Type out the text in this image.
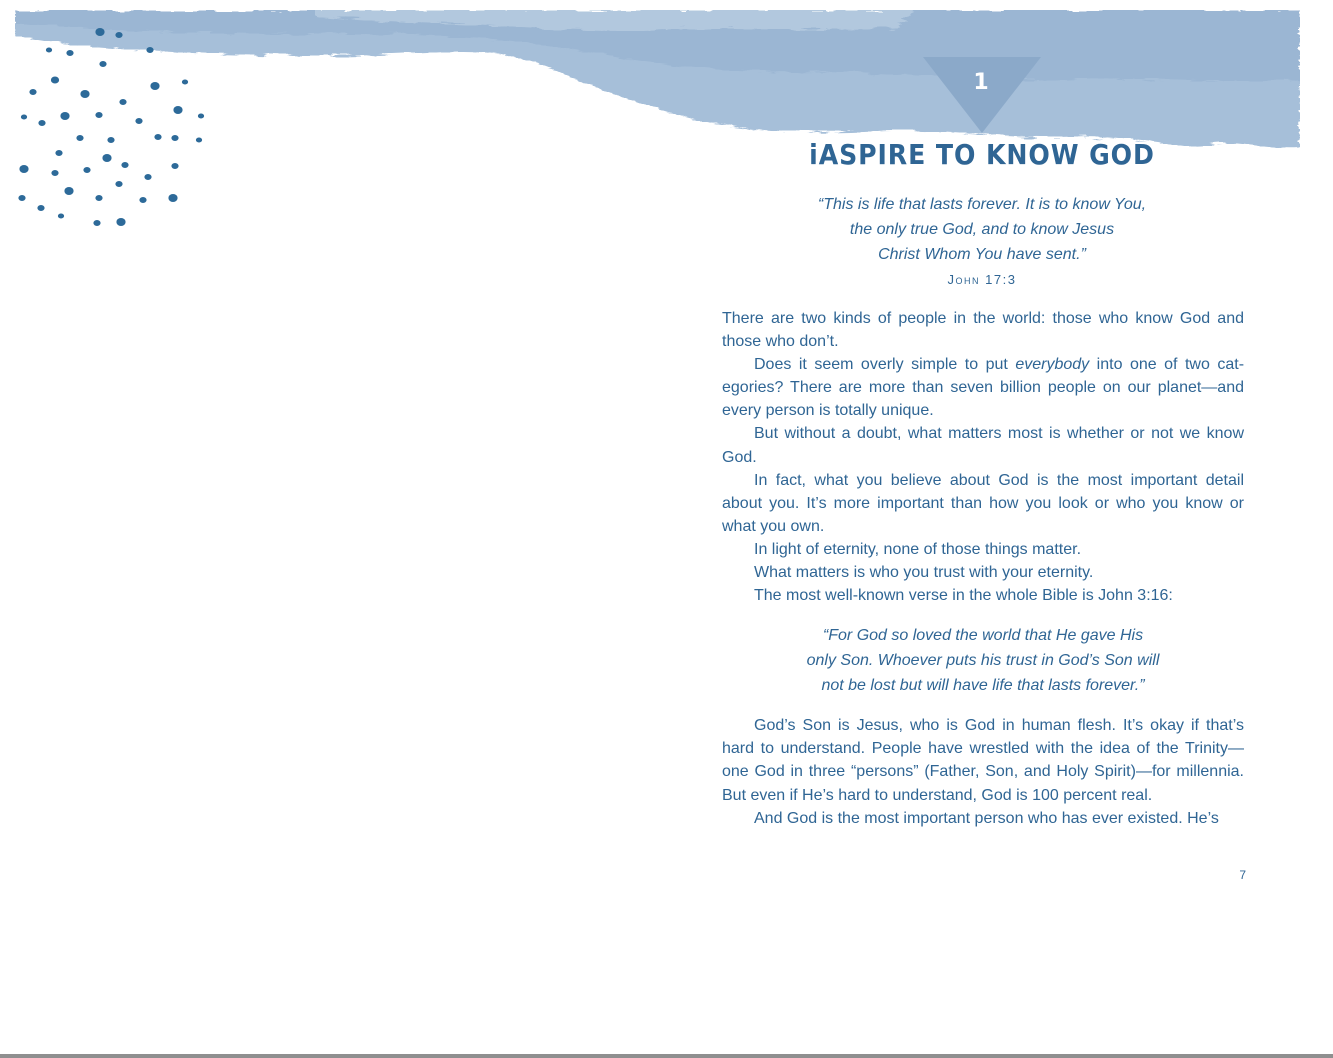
1
iASPIRE TO KNOW GOD
“This is life that lasts forever. It is to know You,
the only true God, and to know Jesus
Christ Whom You have sent.”
John 17:3

There are two kinds of people in the world: those who know God and those who don’t.

Does it seem overly simple to put everybody into one of two categories? There are more than seven billion people on our planet—and every person is totally unique.

But without a doubt, what matters most is whether or not we know God.

In fact, what you believe about God is the most important detail about you. It’s more important than how you look or who you know or what you own.

In light of eternity, none of those things matter.

What matters is who you trust with your eternity.

The most well-known verse in the whole Bible is John 3:16:

“For God so loved the world that He gave His
only Son. Whoever puts his trust in God’s Son will
not be lost but will have life that lasts forever.”

God’s Son is Jesus, who is God in human flesh. It’s okay if that’s hard to understand. People have wrestled with the idea of the Trinity—one God in three “persons” (Father, Son, and Holy Spirit)—for millennia. But even if He’s hard to understand, God is 100 percent real.

And God is the most important person who has ever existed. He’s

7
